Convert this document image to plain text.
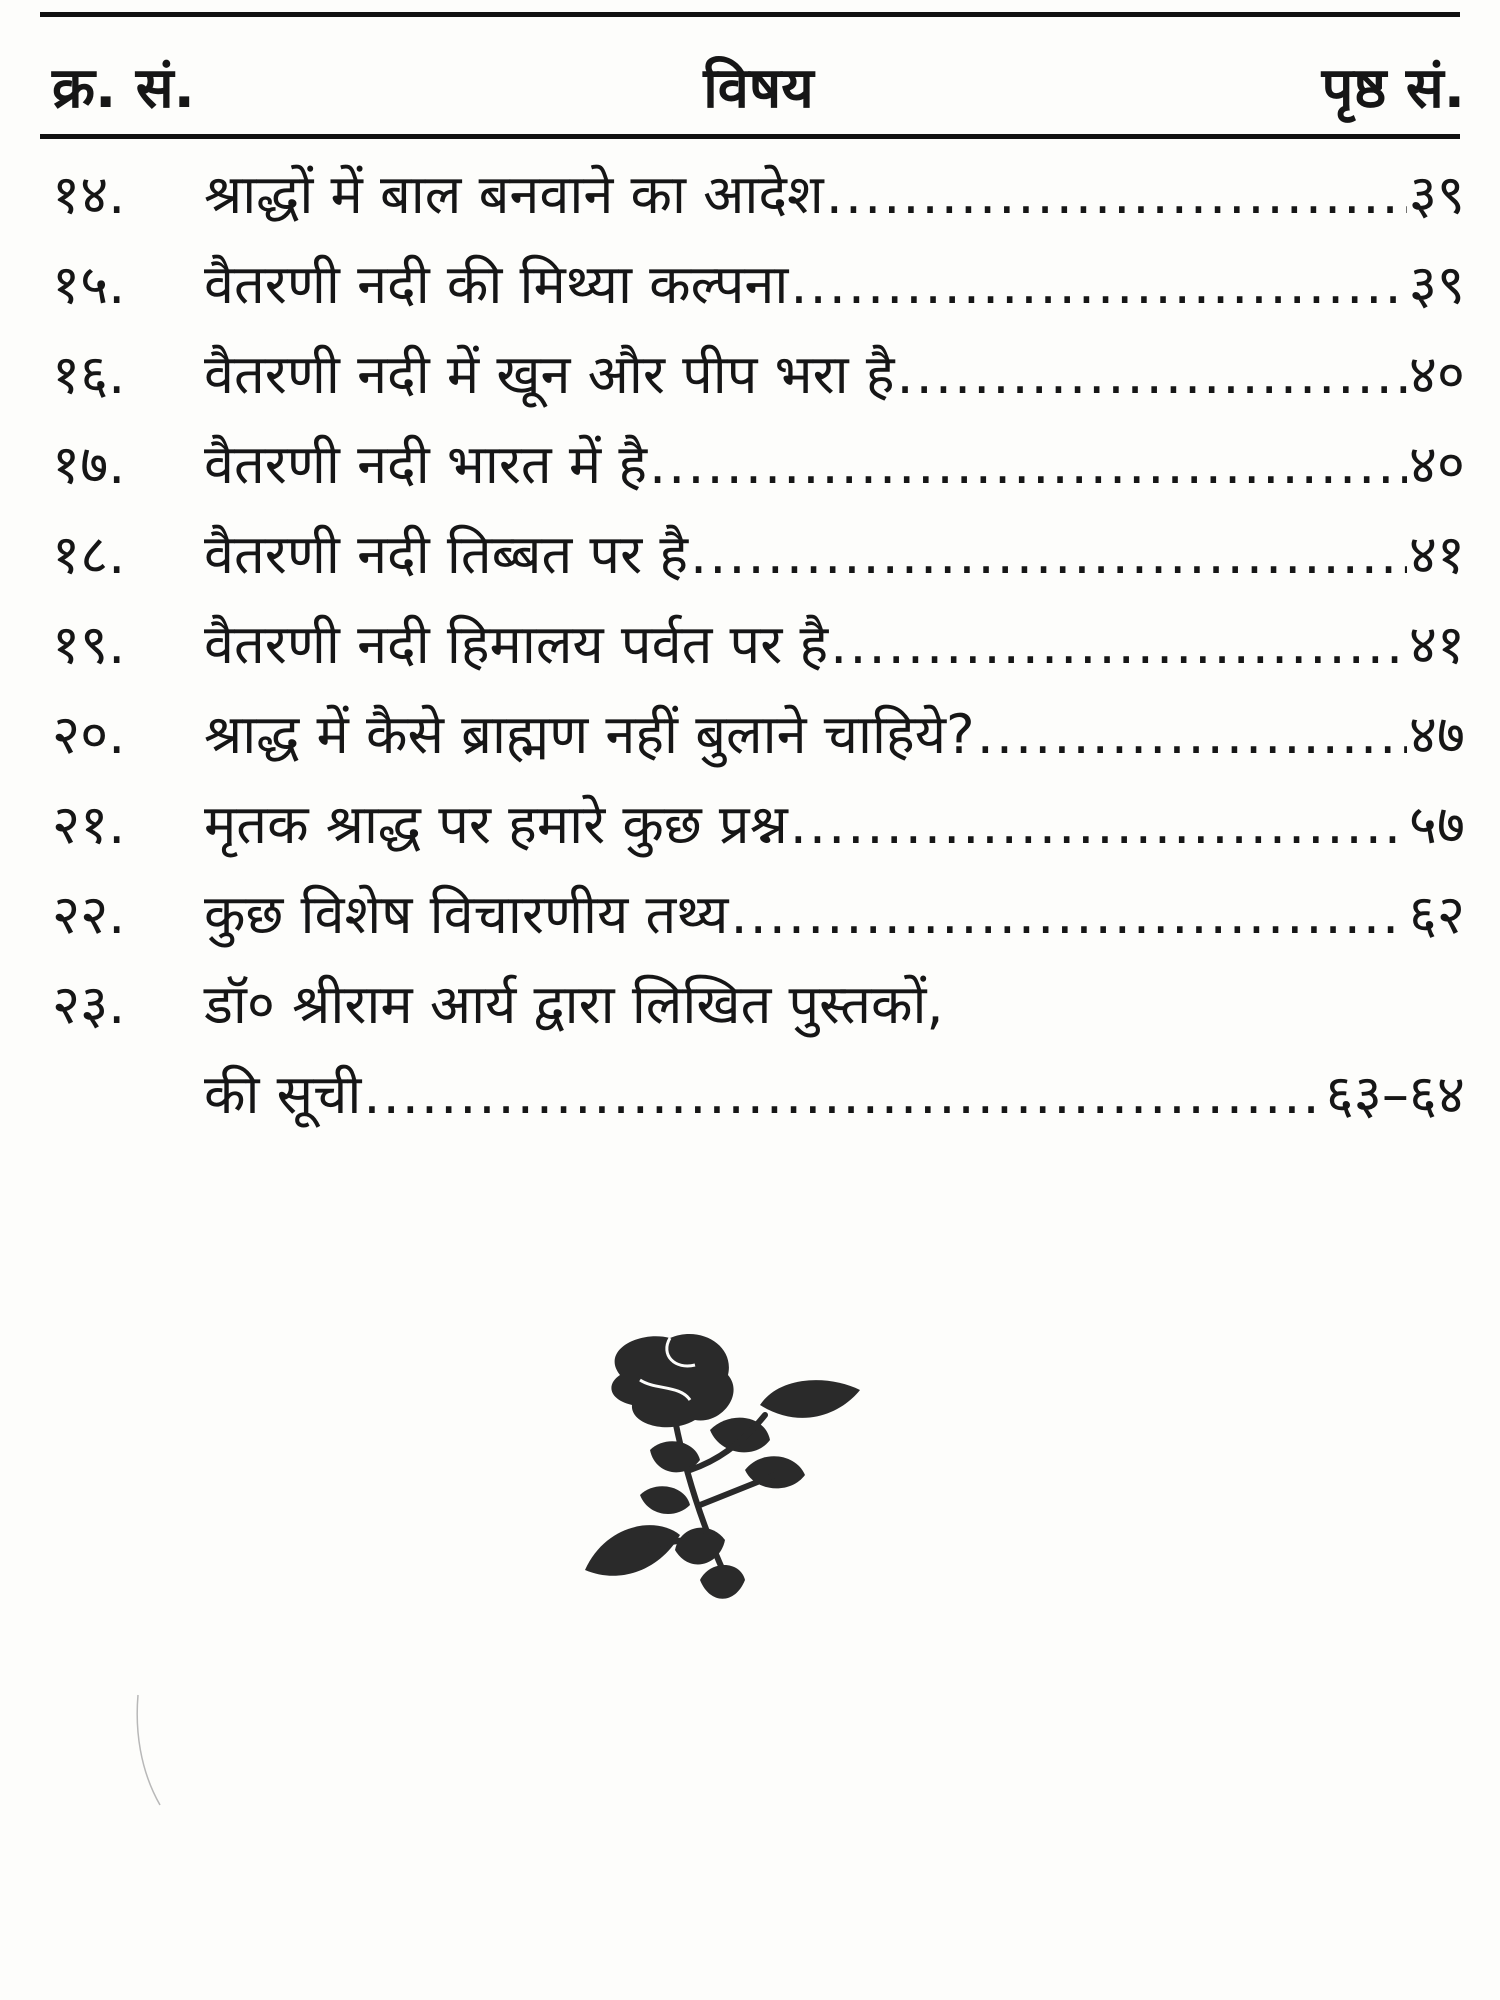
क्र. सं.	विषय	पृष्ठ सं.
१४.	श्राद्धों में बाल बनवाने का आदेश .....	३९
१५.	वैतरणी नदी की मिथ्या कल्पना .....	३९
१६.	वैतरणी नदी में खून और पीप भरा है .....	४०
१७.	वैतरणी नदी भारत में है .....	४०
१८.	वैतरणी नदी तिब्बत पर है .....	४१
१९.	वैतरणी नदी हिमालय पर्वत पर है .....	४१
२०.	श्राद्ध में कैसे ब्राह्मण नहीं बुलाने चाहिये? .....	४७
२१.	मृतक श्राद्ध पर हमारे कुछ प्रश्न .....	५७
२२.	कुछ विशेष विचारणीय तथ्य .....	६२
२३.	डॉ० श्रीराम आर्य द्वारा लिखित पुस्तकों,
की सूची .....	६३–६४
